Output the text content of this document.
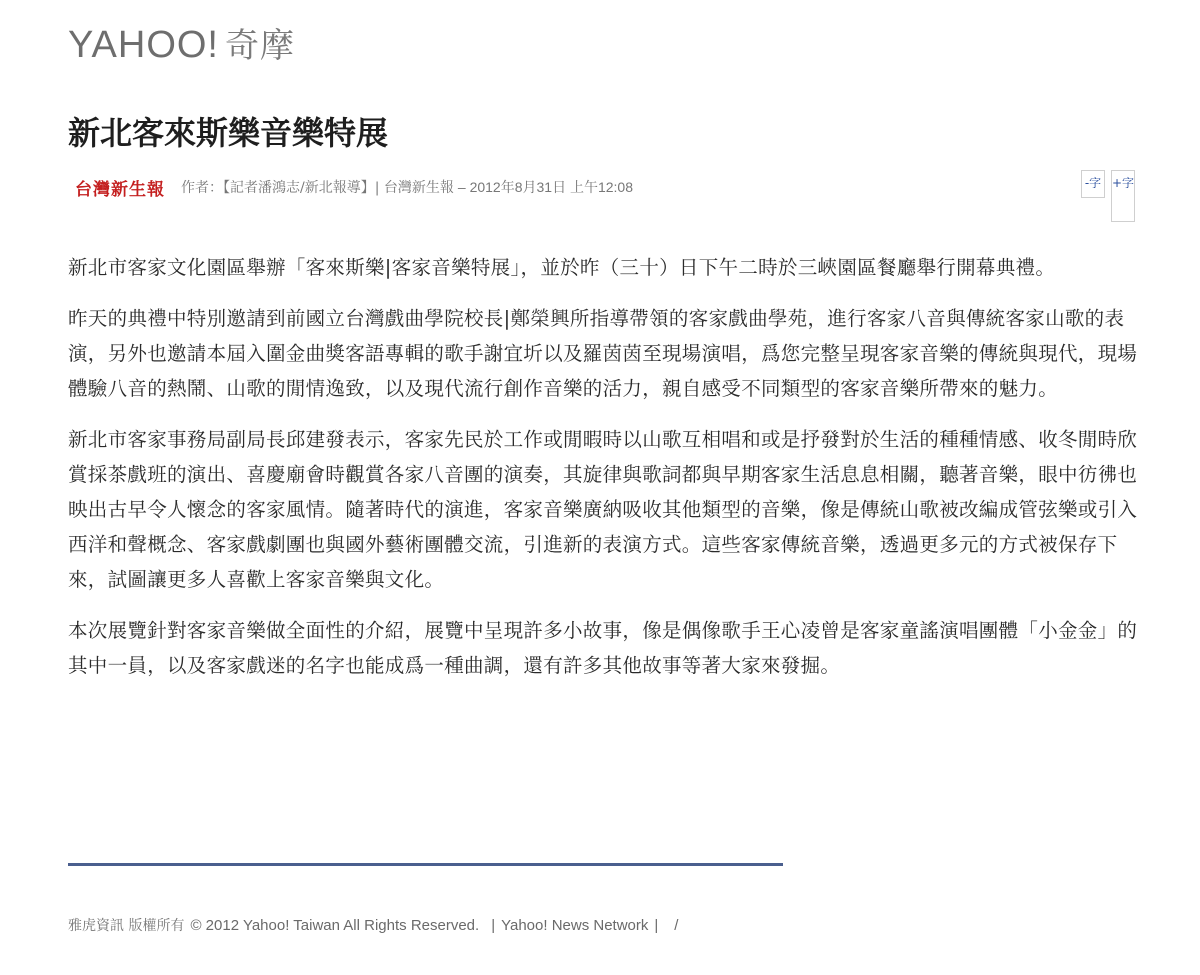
YAHOO! 奇摩
新北客來斯樂音樂特展
台灣新生報 作者：【記者潘鴻志/新北報導】| 台灣新生報 – 2012年8月31日 上午12:08	-字 +字

新北市客家文化園區舉辦「客來斯樂|客家音樂特展」，並於昨（三十）日下午二時於三峽園區餐廳舉行開幕典禮。

昨天的典禮中特別邀請到前國立台灣戲曲學院校長|鄭榮興所指導帶領的客家戲曲學苑，進行客家八音與傳統客家山歌的表演，另外也邀請本屆入圍金曲獎客語專輯的歌手謝宜圻以及羅茵茵至現場演唱，爲您完整呈現客家音樂的傳統與現代，現場體驗八音的熱鬧、山歌的閒情逸致，以及現代流行創作音樂的活力，親自感受不同類型的客家音樂所帶來的魅力。

新北市客家事務局副局長邱建發表示，客家先民於工作或閒暇時以山歌互相唱和或是抒發對於生活的種種情感、收冬閒時欣賞採茶戲班的演出、喜慶廟會時觀賞各家八音團的演奏，其旋律與歌詞都與早期客家生活息息相關，聽著音樂，眼中彷彿也映出古早令人懷念的客家風情。隨著時代的演進，客家音樂廣納吸收其他類型的音樂，像是傳統山歌被改編成管弦樂或引入西洋和聲概念、客家戲劇團也與國外藝術團體交流，引進新的表演方式。這些客家傳統音樂，透過更多元的方式被保存下來，試圖讓更多人喜歡上客家音樂與文化。

本次展覽針對客家音樂做全面性的介紹，展覽中呈現許多小故事，像是偶像歌手王心凌曾是客家童謠演唱團體「小金金」的其中一員，以及客家戲迷的名字也能成爲一種曲調，還有許多其他故事等著大家來發掘。

雅虎資訊 版權所有 © 2012 Yahoo! Taiwan All Rights Reserved. | Yahoo! News Network | /
